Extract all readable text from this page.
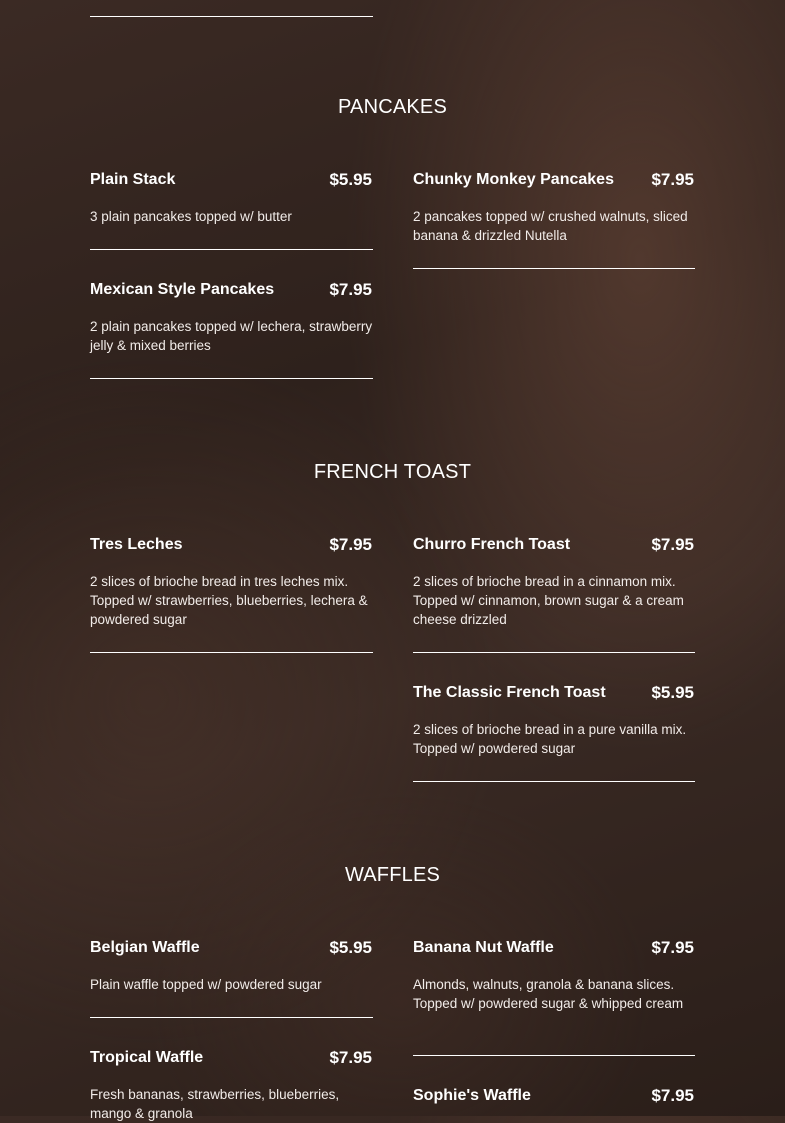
PANCAKES
Plain Stack	$5.95

3 plain pancakes topped w/ butter

Mexican Style Pancakes	$7.95

2 plain pancakes topped w/ lechera, strawberry jelly & mixed berries

Chunky Monkey Pancakes $7.95

2 pancakes topped w/ crushed walnuts, sliced banana & drizzled Nutella

FRENCH TOAST
Tres Leches	$7.95

2 slices of brioche bread in tres leches mix. Topped w/ strawberries, blueberries, lechera & powdered sugar

Churro French Toast	$7.95

2 slices of brioche bread in a cinnamon mix. Topped w/ cinnamon, brown sugar & a cream cheese drizzled

The Classic French Toast	$5.95

2 slices of brioche bread in a pure vanilla mix. Topped w/ powdered sugar

WAFFLES
Belgian Waffle	$5.95

Plain waffle topped w/ powdered sugar

Tropical Waffle	$7.95

Fresh bananas, strawberries, blueberries, mango & granola

Banana Nut Waffle	$7.95

Almonds, walnuts, granola & banana slices. Topped w/ powdered sugar & whipped cream

Sophie's Waffle	$7.95
